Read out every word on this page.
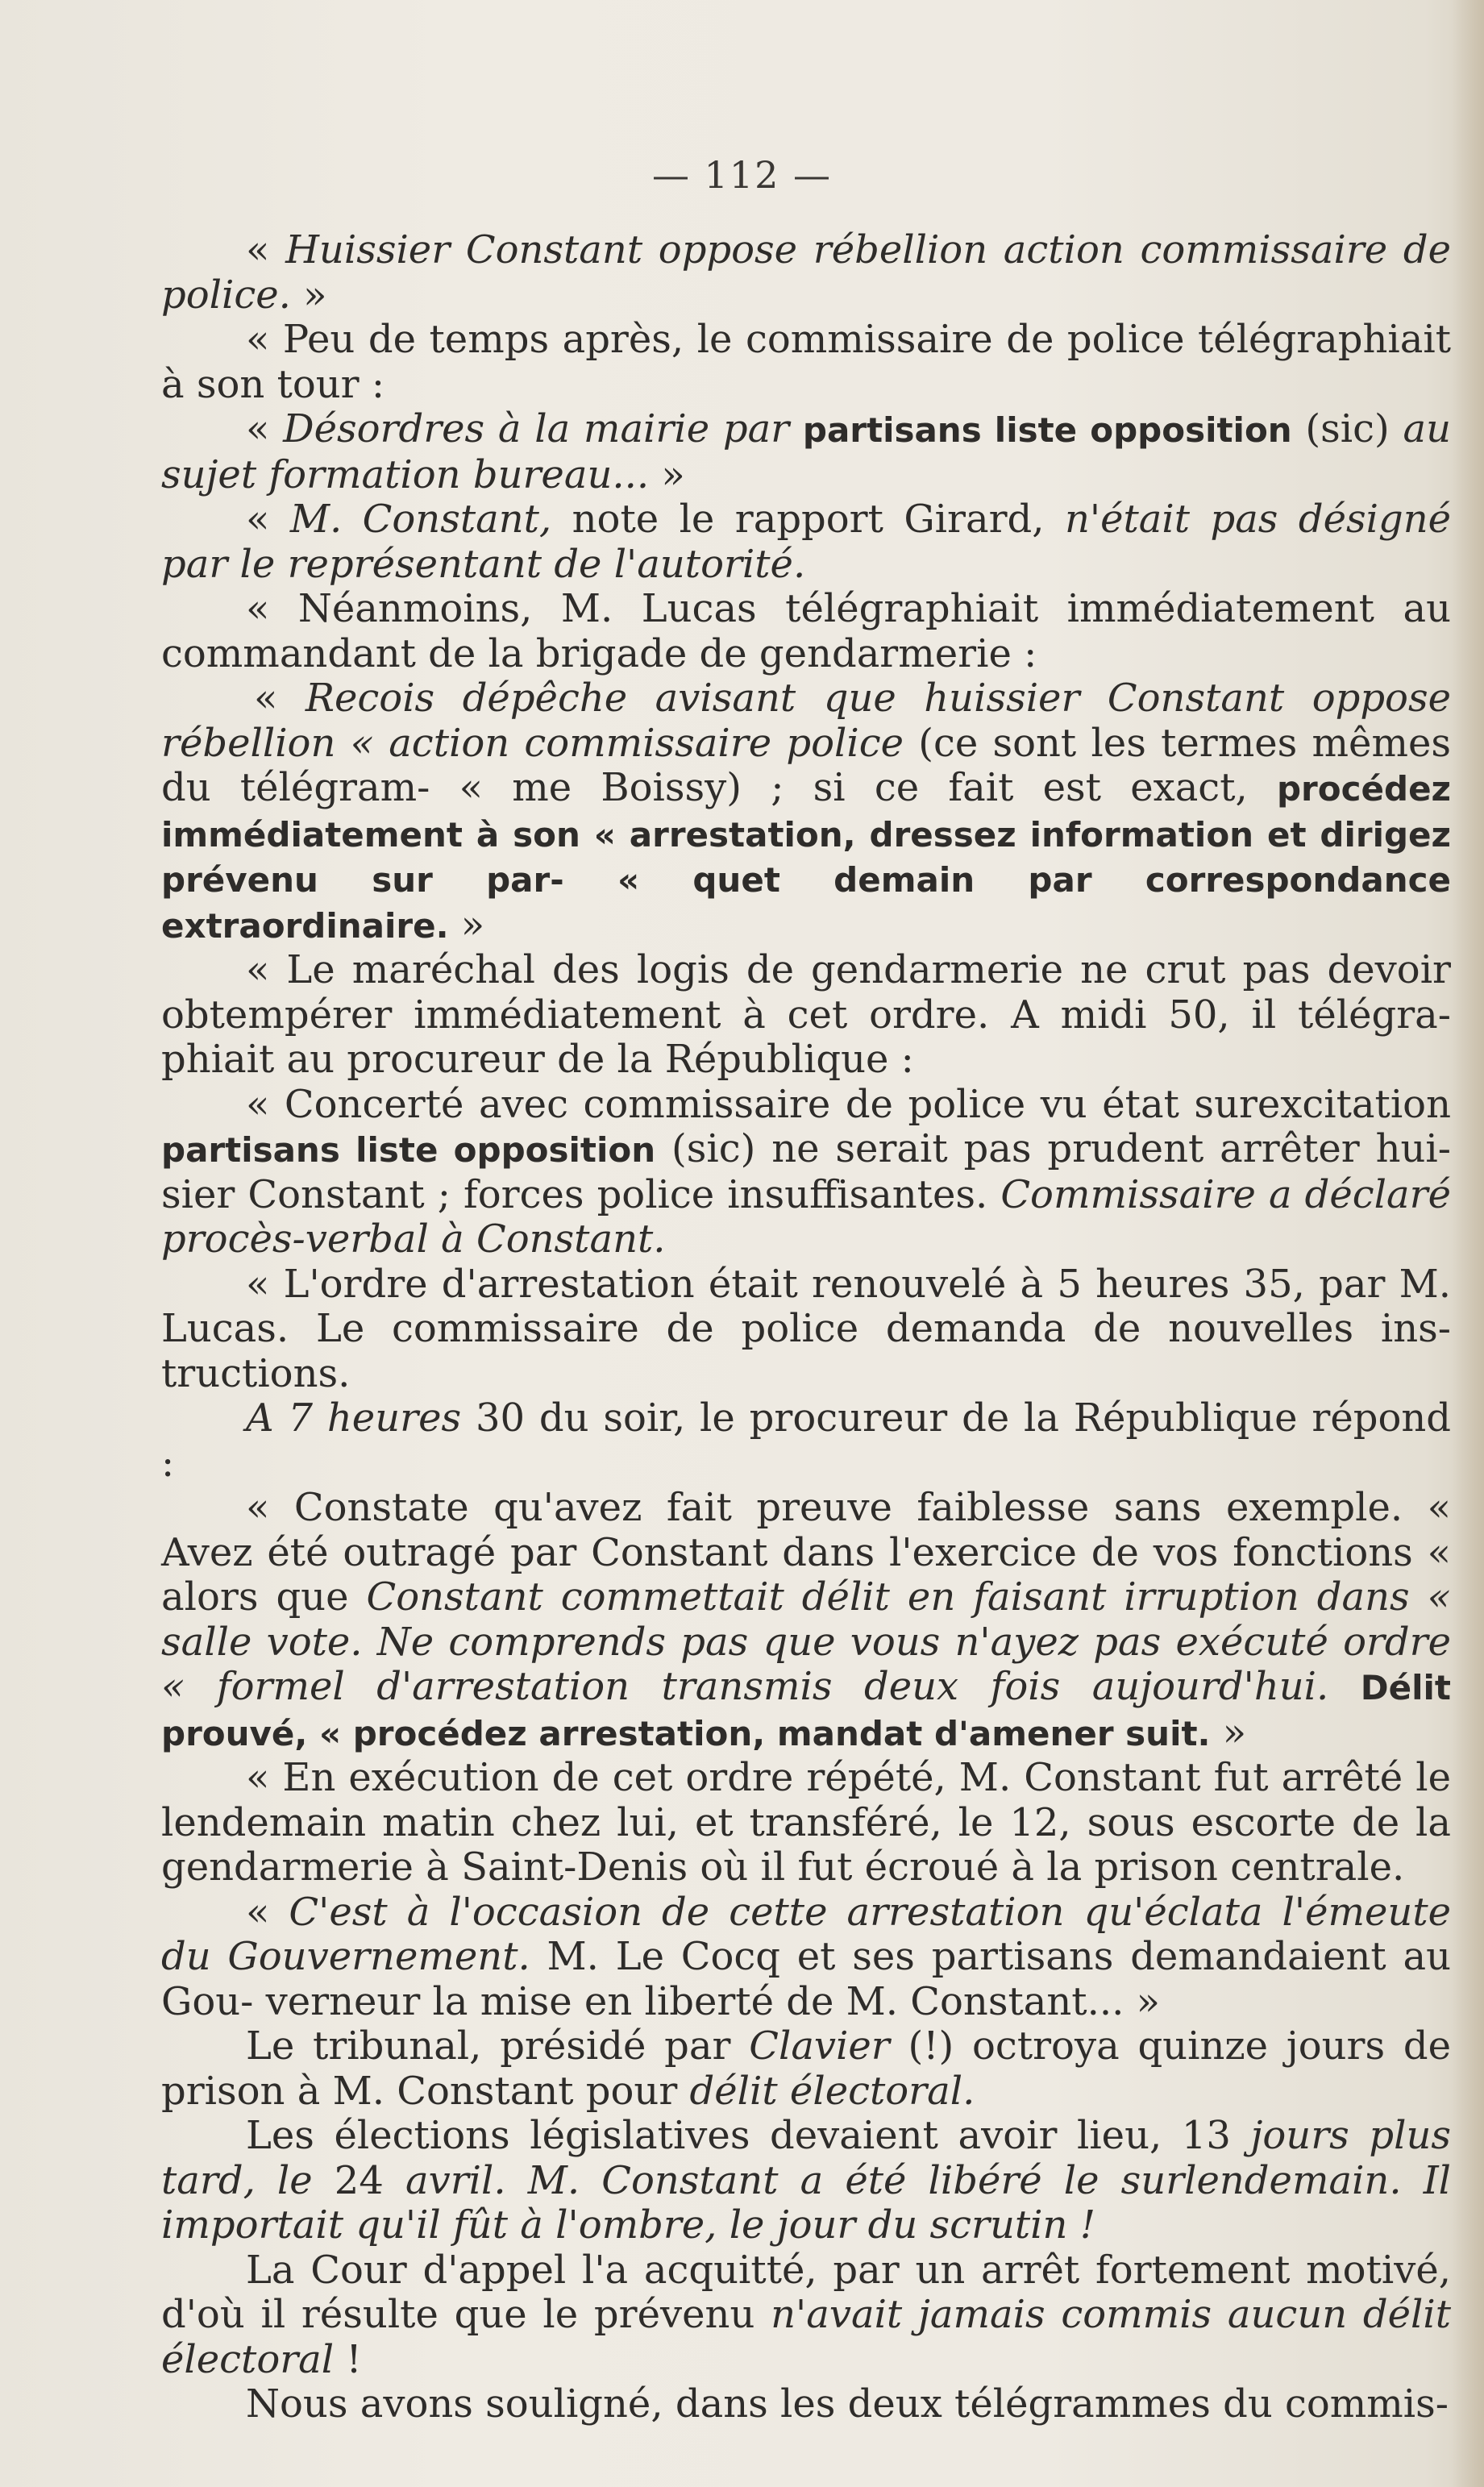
— 112 —

« Huissier Constant oppose rébellion action commissaire de police. »

« Peu de temps après, le commissaire de police télégraphiait à son tour :

« Désordres à la mairie par partisans liste opposition (sic) au sujet formation bureau... »

« M. Constant, note le rapport Girard, n'était pas désigné par le représentant de l'autorité.

« Néanmoins, M. Lucas télégraphiait immédiatement au commandant de la brigade de gendarmerie :

« Recois dépêche avisant que huissier Constant oppose rébellion « action commissaire police (ce sont les termes mêmes du télégram- « me Boissy) ; si ce fait est exact, procédez immédiatement à son « arrestation, dressez information et dirigez prévenu sur par- « quet demain par correspondance extraordinaire. »

« Le maréchal des logis de gendarmerie ne crut pas devoir obtempérer immédiatement à cet ordre. A midi 50, il télégra- phiait au procureur de la République :

« Concerté avec commissaire de police vu état surexcitation partisans liste opposition (sic) ne serait pas prudent arrêter hui- sier Constant ; forces police insuffisantes. Commissaire a déclaré procès-verbal à Constant.

« L'ordre d'arrestation était renouvelé à 5 heures 35, par M. Lucas. Le commissaire de police demanda de nouvelles ins- tructions.

A 7 heures 30 du soir, le procureur de la République répond :

« Constate qu'avez fait preuve faiblesse sans exemple. « Avez été outragé par Constant dans l'exercice de vos fonctions « alors que Constant commettait délit en faisant irruption dans « salle vote. Ne comprends pas que vous n'ayez pas exécuté ordre « formel d'arrestation transmis deux fois aujourd'hui. Délit prouvé, « procédez arrestation, mandat d'amener suit. »

« En exécution de cet ordre répété, M. Constant fut arrêté le lendemain matin chez lui, et transféré, le 12, sous escorte de la gendarmerie à Saint-Denis où il fut écroué à la prison centrale.

« C'est à l'occasion de cette arrestation qu'éclata l'émeute du Gouvernement. M. Le Cocq et ses partisans demandaient au Gou- verneur la mise en liberté de M. Constant... »

Le tribunal, présidé par Clavier (!) octroya quinze jours de prison à M. Constant pour délit électoral.

Les élections législatives devaient avoir lieu, 13 jours plus tard, le 24 avril. M. Constant a été libéré le surlendemain. Il importait qu'il fût à l'ombre, le jour du scrutin !

La Cour d'appel l'a acquitté, par un arrêt fortement motivé, d'où il résulte que le prévenu n'avait jamais commis aucun délit électoral !

Nous avons souligné, dans les deux télégrammes du commis-
